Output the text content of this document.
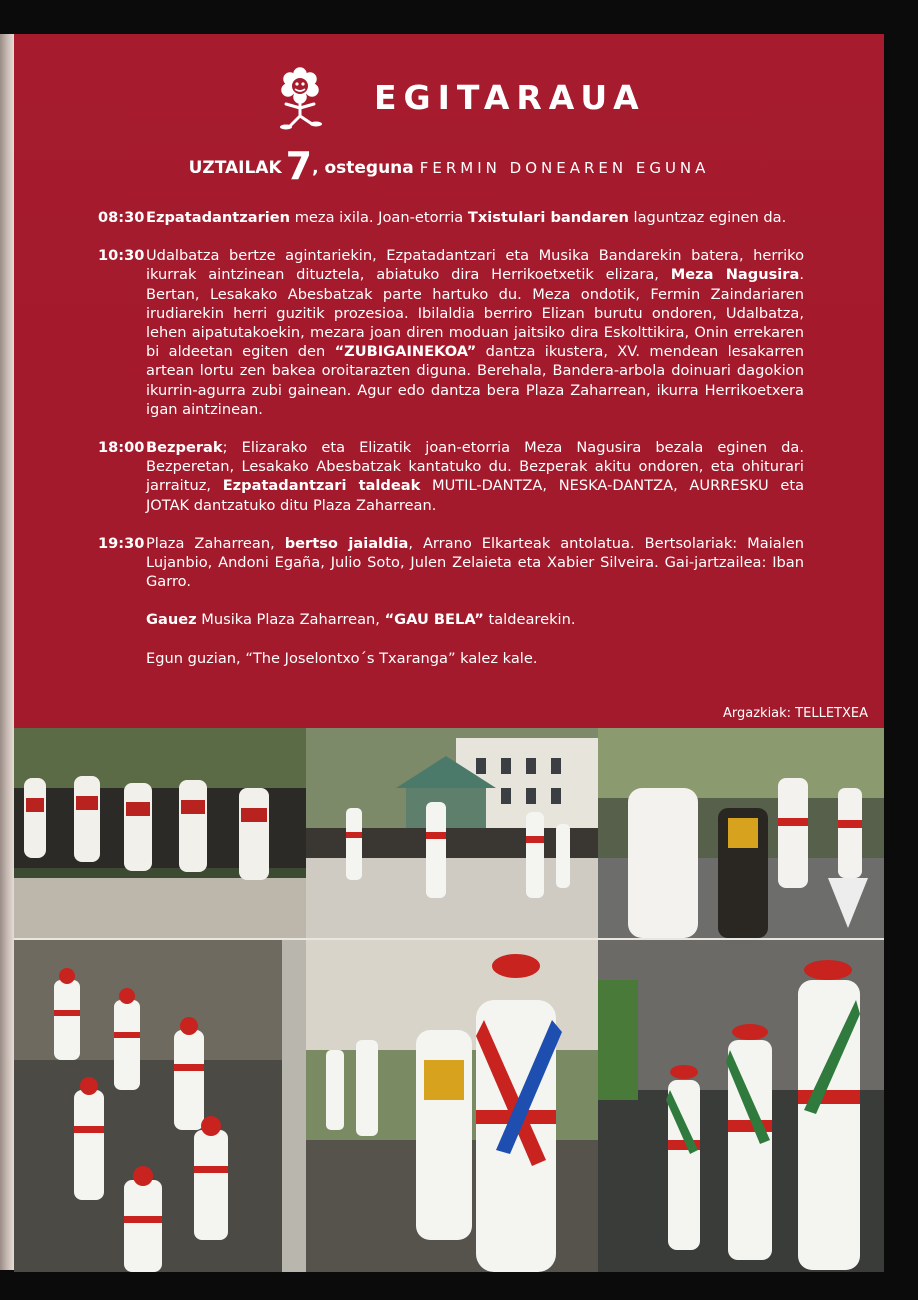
EGITARAUA
UZTAILAK 7, osteguna FERMIN DONEAREN EGUNA
08:30 Ezpatadantzarien meza ixila. Joan-etorria Txistulari bandaren laguntzaz eginen da.
10:30 Udalbatza bertze agintariekin, Ezpatadantzari eta Musika Bandarekin batera, herriko ikurrak aintzinean dituztela, abiatuko dira Herrikoetxetik elizara, Meza Nagusira. Bertan, Lesakako Abesbatzak parte hartuko du. Meza ondotik, Fermin Zaindariaren irudiarekin herri guzitik prozesioa. Ibilaldia berriro Elizan burutu ondoren, Udalbatza, lehen aipatutakoekin, mezara joan diren moduan jaitsiko dira Eskolttikira, Onin errekaren bi aldeetan egiten den “ZUBIGAINEKOA” dantza ikustera, XV. mendean lesakarren artean lortu zen bakea oroitarazten diguna. Berehala, Bandera-arbola doinuari dagokion ikurrin-agurra zubi gainean. Agur edo dantza bera Plaza Zaharrean, ikurra Herrikoetxera igan aintzinean.
18:00 Bezperak; Elizarako eta Elizatik joan-etorria Meza Nagusira bezala eginen da. Bezperetan, Lesakako Abesbatzak kantatuko du. Bezperak akitu ondoren, eta ohiturari jarraituz, Ezpatadantzari taldeak MUTIL-DANTZA, NESKA-DANTZA, AURRESKU eta JOTAK dantzatuko ditu Plaza Zaharrean.
19:30 Plaza Zaharrean, bertso jaialdia, Arrano Elkarteak antolatua. Bertsolariak: Maialen Lujanbio, Andoni Egaña, Julio Soto, Julen Zelaieta eta Xabier Silveira. Gai-jartzailea: Iban Garro.
Gauez Musika Plaza Zaharrean, “GAU BELA” taldearekin.
Egun guzian, “The Joselontxo´s Txaranga” kalez kale.
Argazkiak: TELLETXEA
